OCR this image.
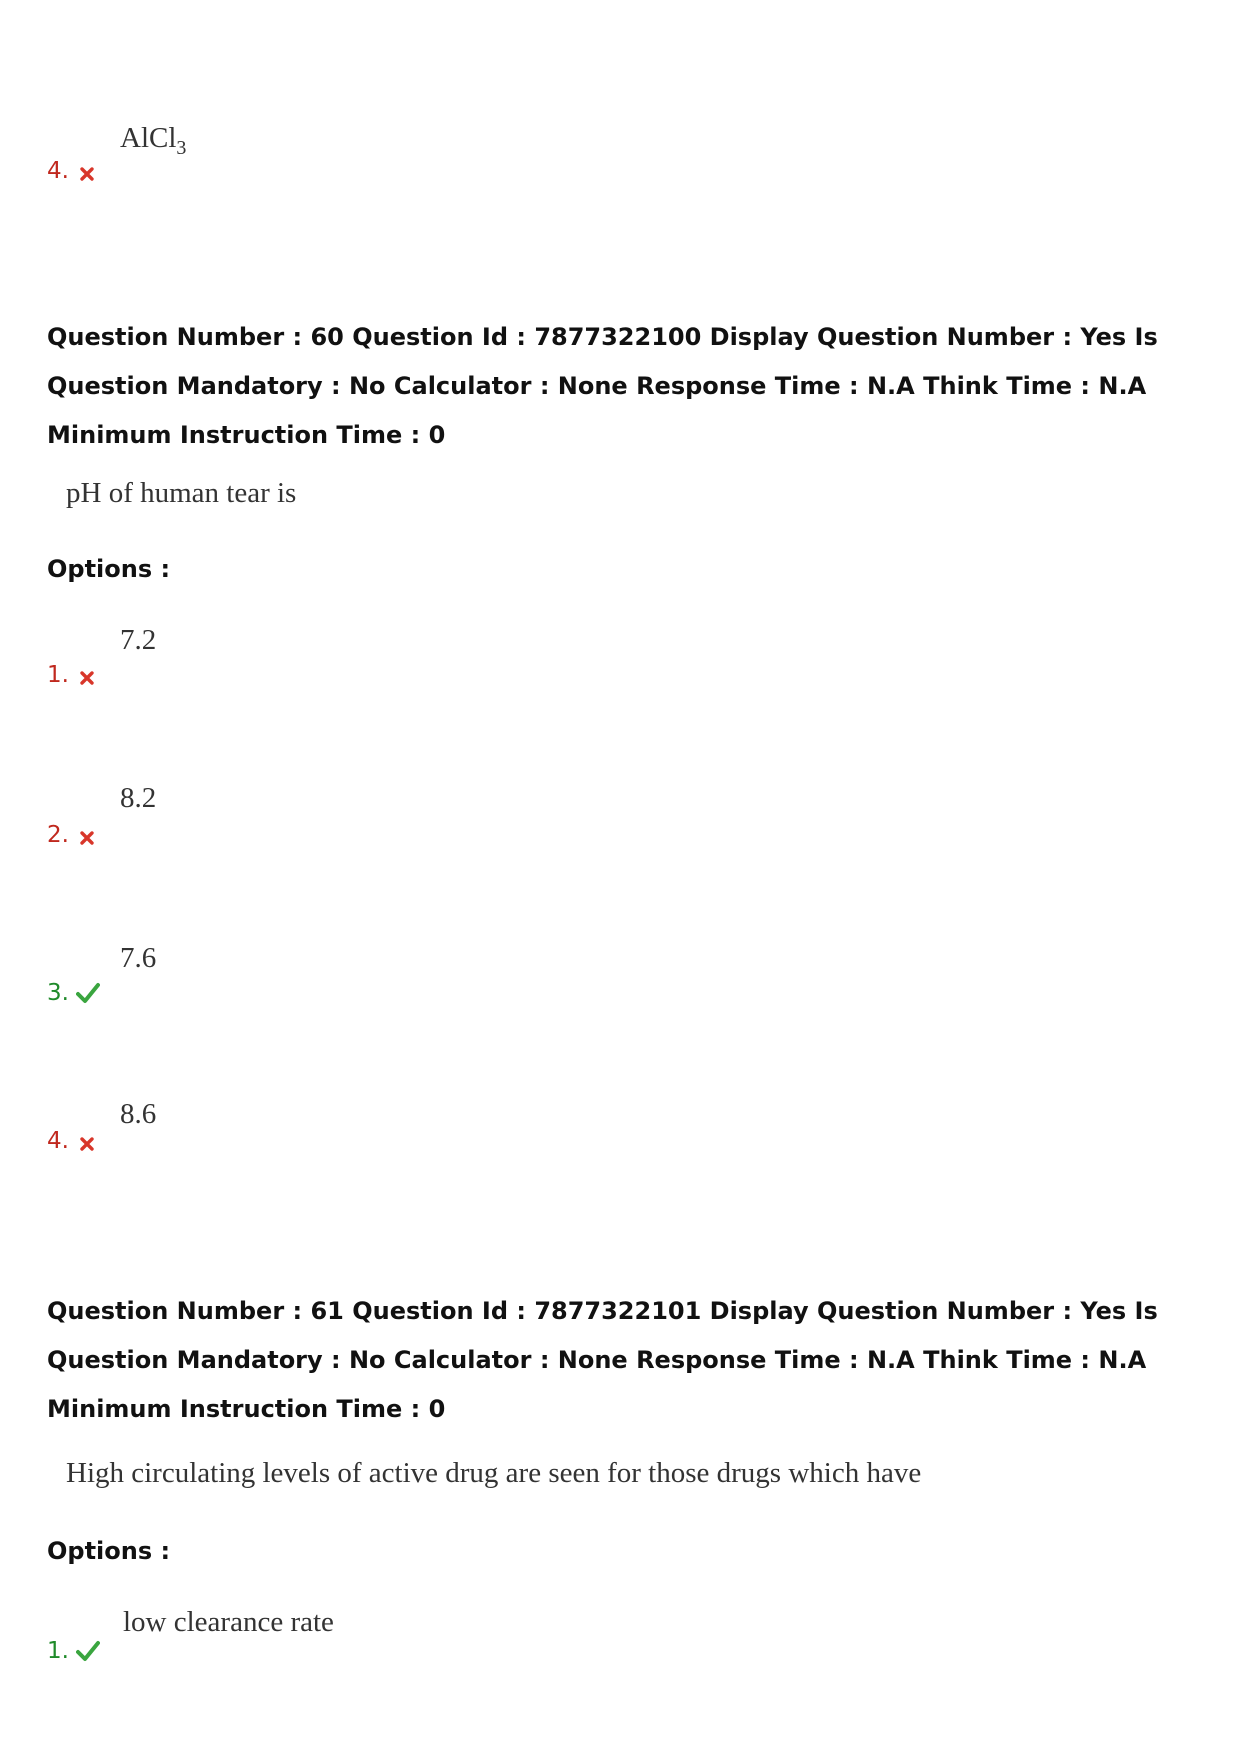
AlCl$_3$
4.
Question Number : 60 Question Id : 7877322100 Display Question Number : Yes Is Question Mandatory : No Calculator : None Response Time : N.A Think Time : N.A Minimum Instruction Time : 0
pH of human tear is
Options :
7.2
1.
8.2
2.
7.6
3.
8.6
4.
Question Number : 61 Question Id : 7877322101 Display Question Number : Yes Is Question Mandatory : No Calculator : None Response Time : N.A Think Time : N.A Minimum Instruction Time : 0
High circulating levels of active drug are seen for those drugs which have
Options :
low clearance rate
1.
